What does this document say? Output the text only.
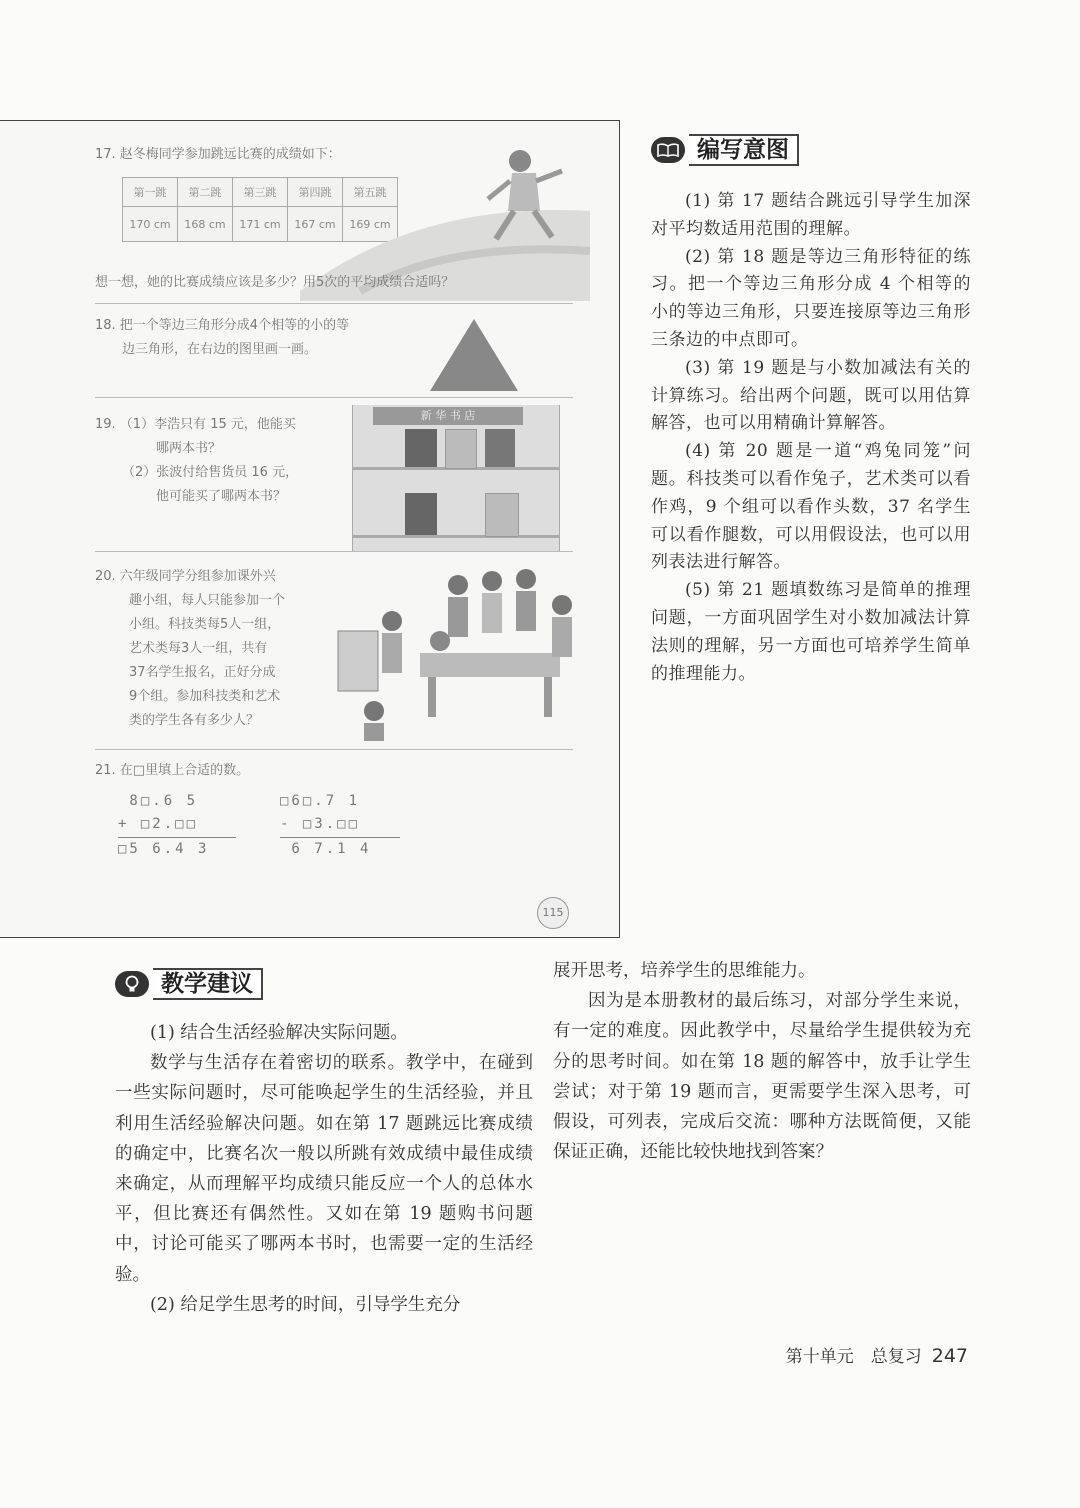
17. 赵冬梅同学参加跳远比赛的成绩如下：
第一跳	第二跳	第三跳	第四跳	第五跳
170 cm	168 cm	171 cm	167 cm	169 cm
想一想，她的比赛成绩应该是多少？用5次的平均成绩合适吗？
18. 把一个等边三角形分成4个相等的小的等
边三角形，在右边的图里画一画。
19. （1）李浩只有 15 元，他能买
哪两本书？
（2）张波付给售货员 16 元，
他可能买了哪两本书？
新 华 书 店
20. 六年级同学分组参加课外兴
趣小组，每人只能参加一个
小组。科技类每5人一组，
艺术类每3人一组，共有
37名学生报名，正好分成
9个组。参加科技类和艺术
类的学生各有多少人？
21. 在□里填上合适的数。
8□.6 5
+ □2.□□
□5 6.4 3
□6□.7 1
- □3.□□
6 7.1 4
115
编写意图

(1) 第 17 题结合跳远引导学生加深对平均数适用范围的理解。

(2) 第 18 题是等边三角形特征的练习。把一个等边三角形分成 4 个相等的小的等边三角形，只要连接原等边三角形三条边的中点即可。

(3) 第 19 题是与小数加减法有关的计算练习。给出两个问题，既可以用估算解答，也可以用精确计算解答。

(4) 第 20 题是一道“鸡兔同笼”问题。科技类可以看作兔子，艺术类可以看作鸡，9 个组可以看作头数，37 名学生可以看作腿数，可以用假设法，也可以用列表法进行解答。

(5) 第 21 题填数练习是简单的推理问题，一方面巩固学生对小数加减法计算法则的理解，另一方面也可培养学生简单的推理能力。

教学建议

(1) 结合生活经验解决实际问题。

数学与生活存在着密切的联系。教学中，在碰到一些实际问题时，尽可能唤起学生的生活经验，并且利用生活经验解决问题。如在第 17 题跳远比赛成绩的确定中，比赛名次一般以所跳有效成绩中最佳成绩来确定，从而理解平均成绩只能反应一个人的总体水平，但比赛还有偶然性。又如在第 19 题购书问题中，讨论可能买了哪两本书时，也需要一定的生活经验。

(2) 给足学生思考的时间，引导学生充分

展开思考，培养学生的思维能力。

因为是本册教材的最后练习，对部分学生来说，有一定的难度。因此教学中，尽量给学生提供较为充分的思考时间。如在第 18 题的解答中，放手让学生尝试；对于第 19 题而言，更需要学生深入思考，可假设，可列表，完成后交流：哪种方法既简便，又能保证正确，还能比较快地找到答案？

第十单元　总复习 247
